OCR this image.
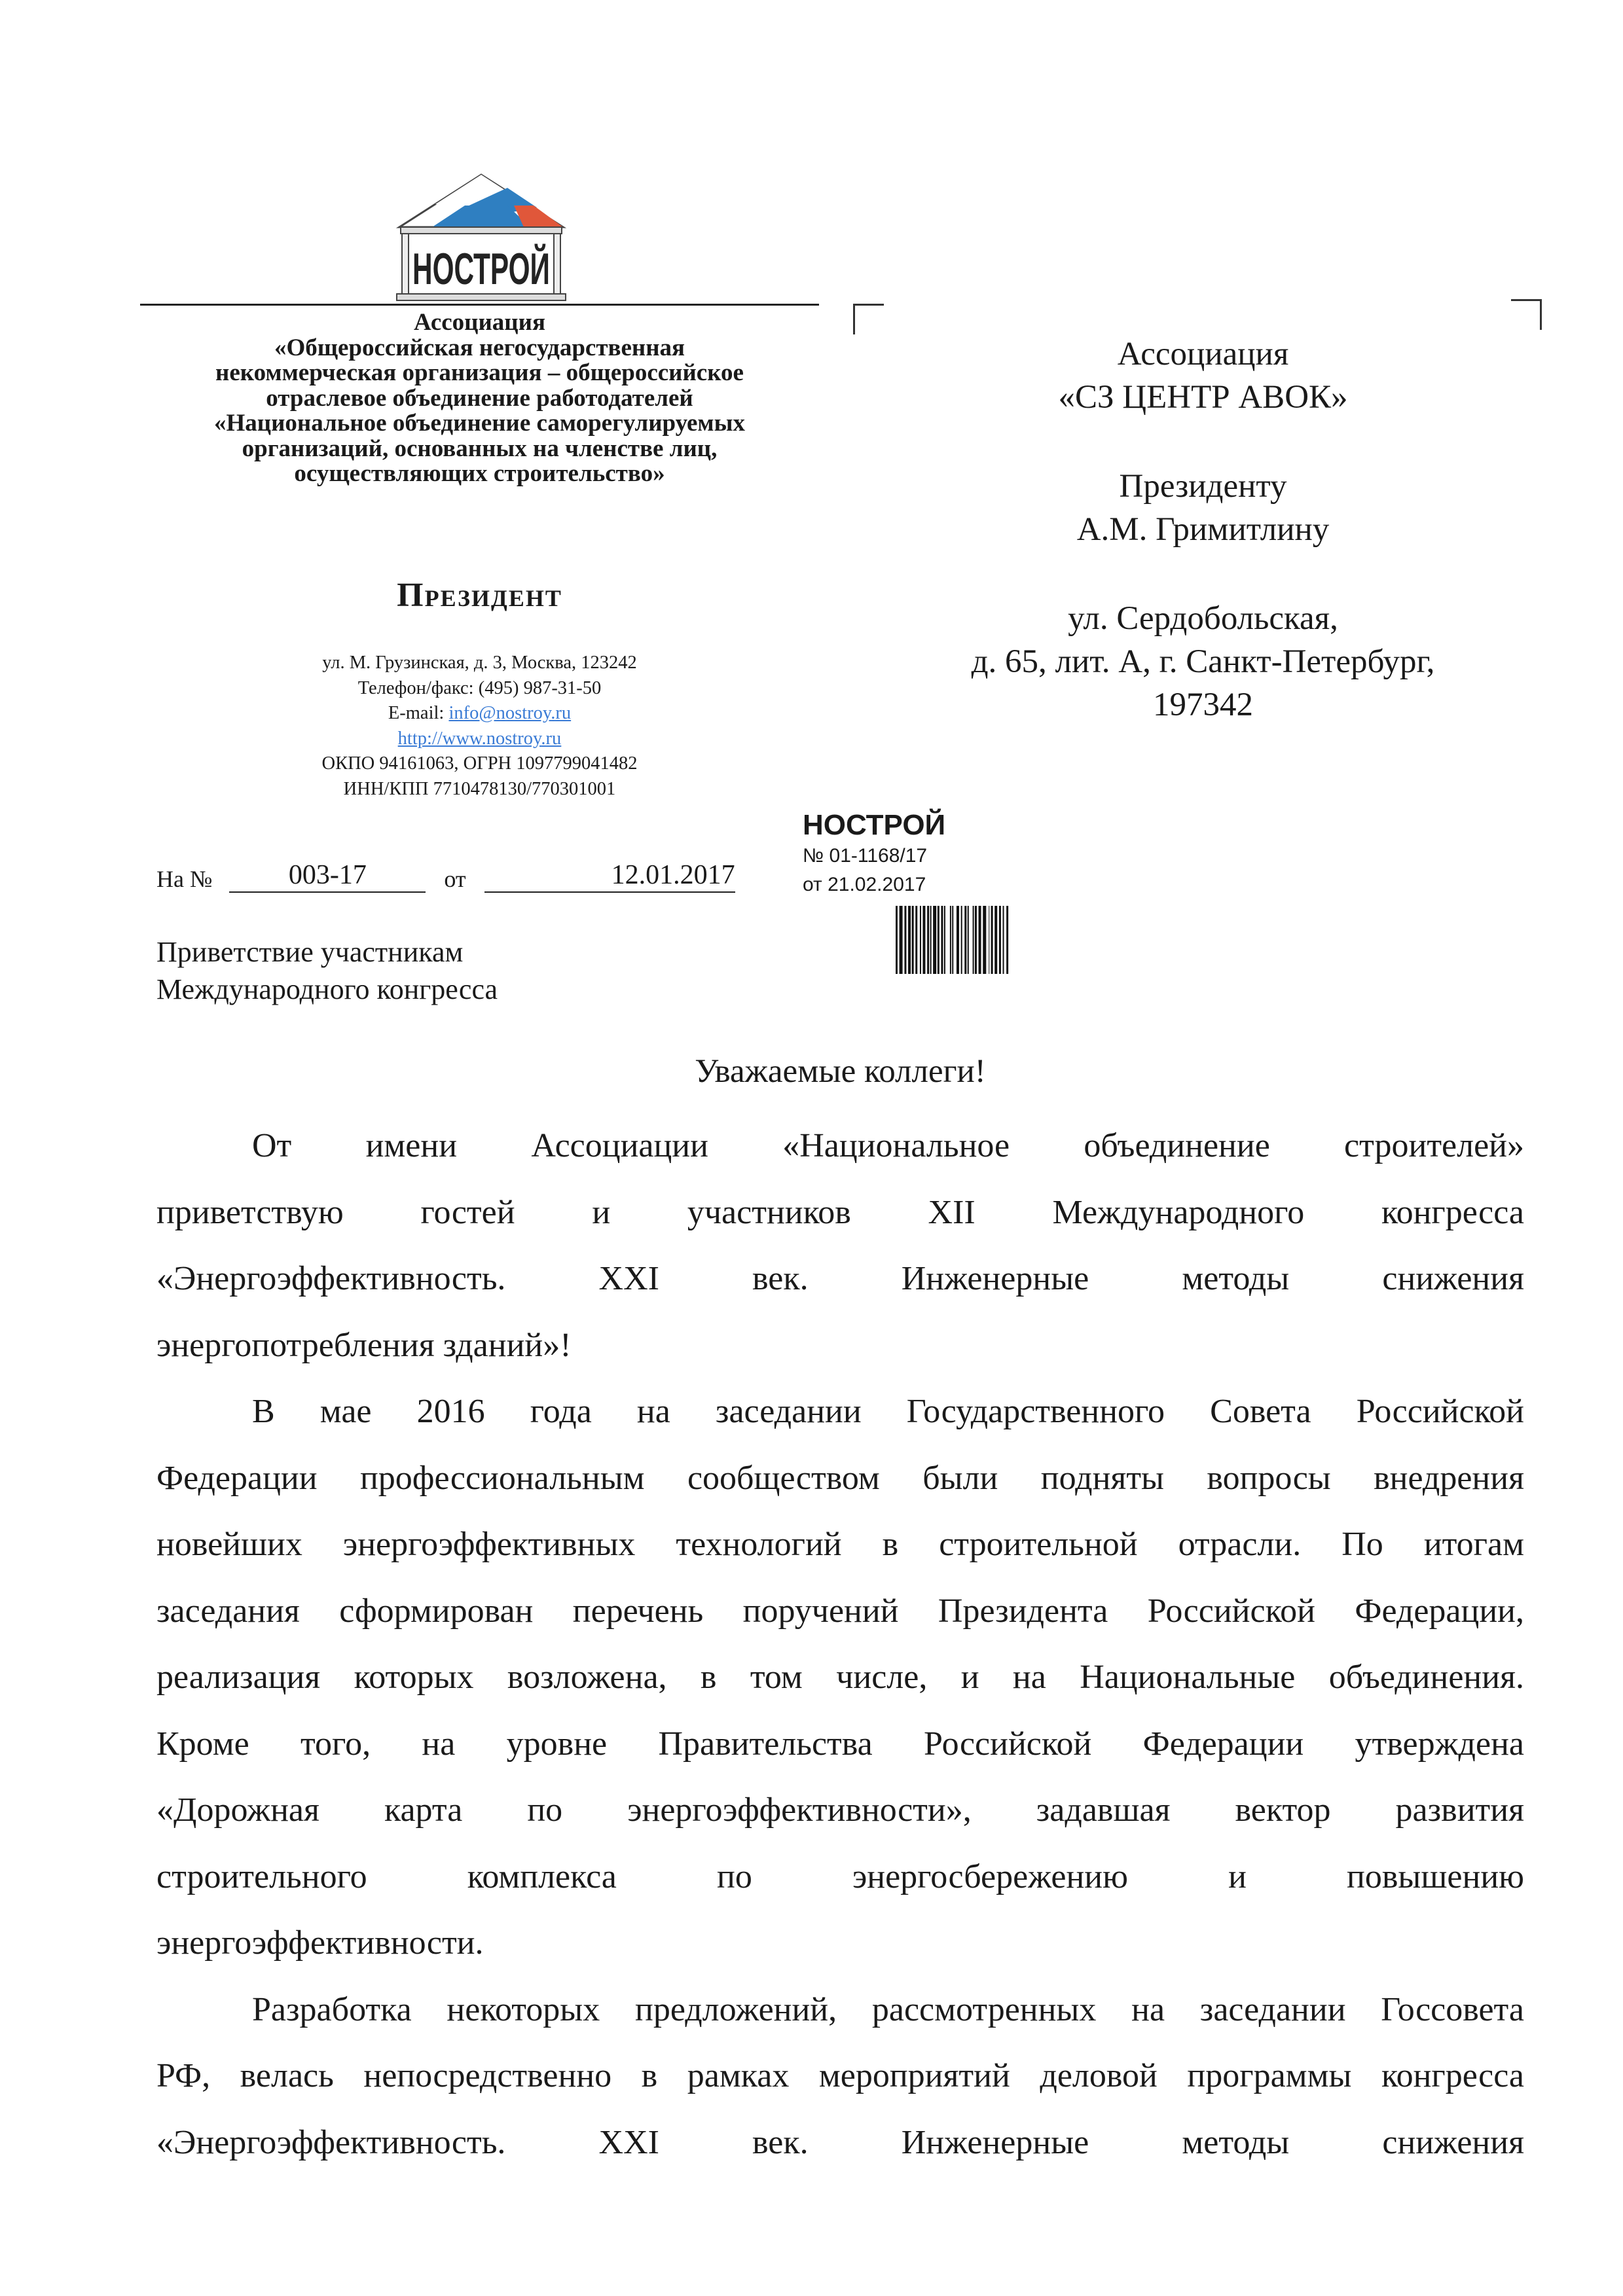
НОСТРОЙ
Ассоциация
«Общероссийская негосударственная
некоммерческая организация – общероссийское
отраслевое объединение работодателей
«Национальное объединение саморегулируемых
организаций, основанных на членстве лиц,
осуществляющих строительство»
Президент
ул. М. Грузинская, д. 3, Москва, 123242
Телефон/факс: (495) 987-31-50
E-mail: info@nostroy.ru
http://www.nostroy.ru
ОКПО 94161063, ОГРН 1097799041482
ИНН/КПП 7710478130/770301001
Ассоциация
«СЗ ЦЕНТР АВОК»
Президенту
А.М. Гримитлину
ул. Сердобольская,
д. 65, лит. А, г. Санкт-Петербург,
197342
НОСТРОЙ
№ 01-1168/17
от 21.02.2017
На №	003-17	от	12.01.2017
Приветствие участникам
Международного конгресса
Уважаемые коллеги!
От имени Ассоциации «Национальное объединение строителей»
приветствую гостей и участников XII Международного конгресса
«Энергоэффективность. XXI век. Инженерные методы снижения
энергопотребления зданий»!
В мае 2016 года на заседании Государственного Совета Российской
Федерации профессиональным сообществом были подняты вопросы внедрения
новейших энергоэффективных технологий в строительной отрасли. По итогам
заседания сформирован перечень поручений Президента Российской Федерации,
реализация которых возложена, в том числе, и на Национальные объединения.
Кроме того, на уровне Правительства Российской Федерации утверждена
«Дорожная карта по энергоэффективности», задавшая вектор развития
строительного комплекса по энергосбережению и повышению
энергоэффективности.
Разработка некоторых предложений, рассмотренных на заседании Госсовета
РФ, велась непосредственно в рамках мероприятий деловой программы конгресса
«Энергоэффективность. XXI век. Инженерные методы снижения
